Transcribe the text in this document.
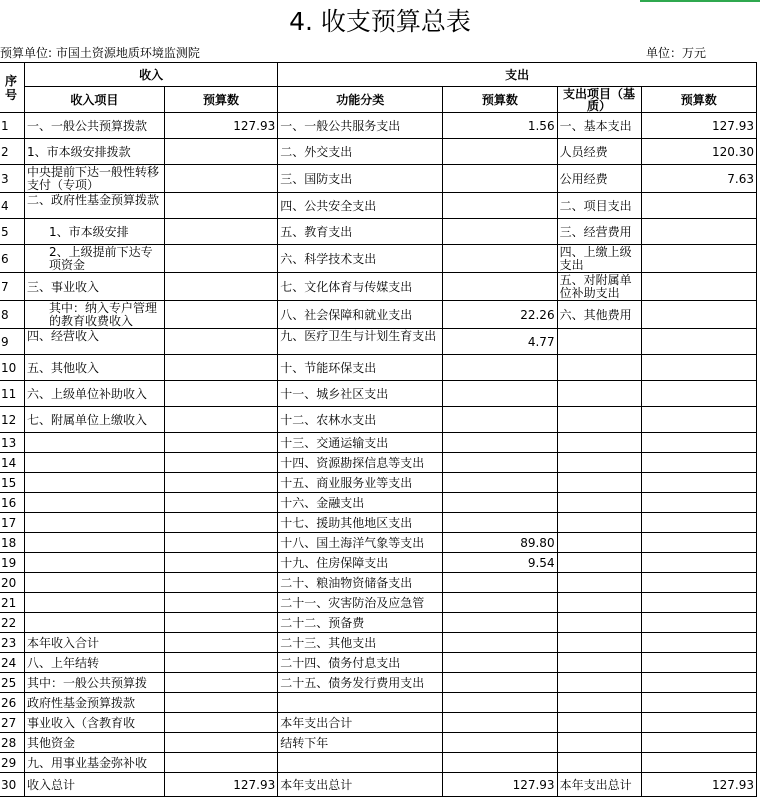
4. 收支预算总表
预算单位: 市国土资源地质环境监测院	单位：万元
序号	收入		支出			
	收入项目	预算数	功能分类	预算数	支出项目（基质）	预算数
1	一、一般公共预算拨款	127.93	一、一般公共服务支出	1.56	一、基本支出	127.93
2	1、市本级安排拨款		二、外交支出		人员经费	120.30
3	中央提前下达一般性转移支付（专项）		三、国防支出		公用经费	7.63
4	二、政府性基金预算拨款		四、公共安全支出		二、项目支出	
5	1、市本级安排		五、教育支出		三、经营费用	
6	2、上级提前下达专项资金		六、科学技术支出		四、上缴上级支出	
7	三、事业收入		七、文化体育与传媒支出		五、对附属单位补助支出	
8	其中：纳入专户管理的教育收费收入		八、社会保障和就业支出	22.26	六、其他费用	
9	四、经营收入		九、医疗卫生与计划生育支出	4.77		
10	五、其他收入		十、节能环保支出			
11	六、上级单位补助收入		十一、城乡社区支出			
12	七、附属单位上缴收入		十二、农林水支出			
13			十三、交通运输支出			
14			十四、资源勘探信息等支出			
15			十五、商业服务业等支出			
16			十六、金融支出			
17			十七、援助其他地区支出			
18			十八、国土海洋气象等支出	89.80		
19			十九、住房保障支出	9.54		
20			二十、粮油物资储备支出			
21			二十一、灾害防治及应急管			
22			二十二、预备费			
23	本年收入合计		二十三、其他支出			
24	八、上年结转		二十四、债务付息支出			
25	其中：一般公共预算拨		二十五、债务发行费用支出			
26	政府性基金预算拨款					
27	事业收入（含教育收		本年支出合计			
28	其他资金		结转下年			
29	九、用事业基金弥补收					
30	收入总计	127.93	本年支出总计	127.93	本年支出总计	127.93
